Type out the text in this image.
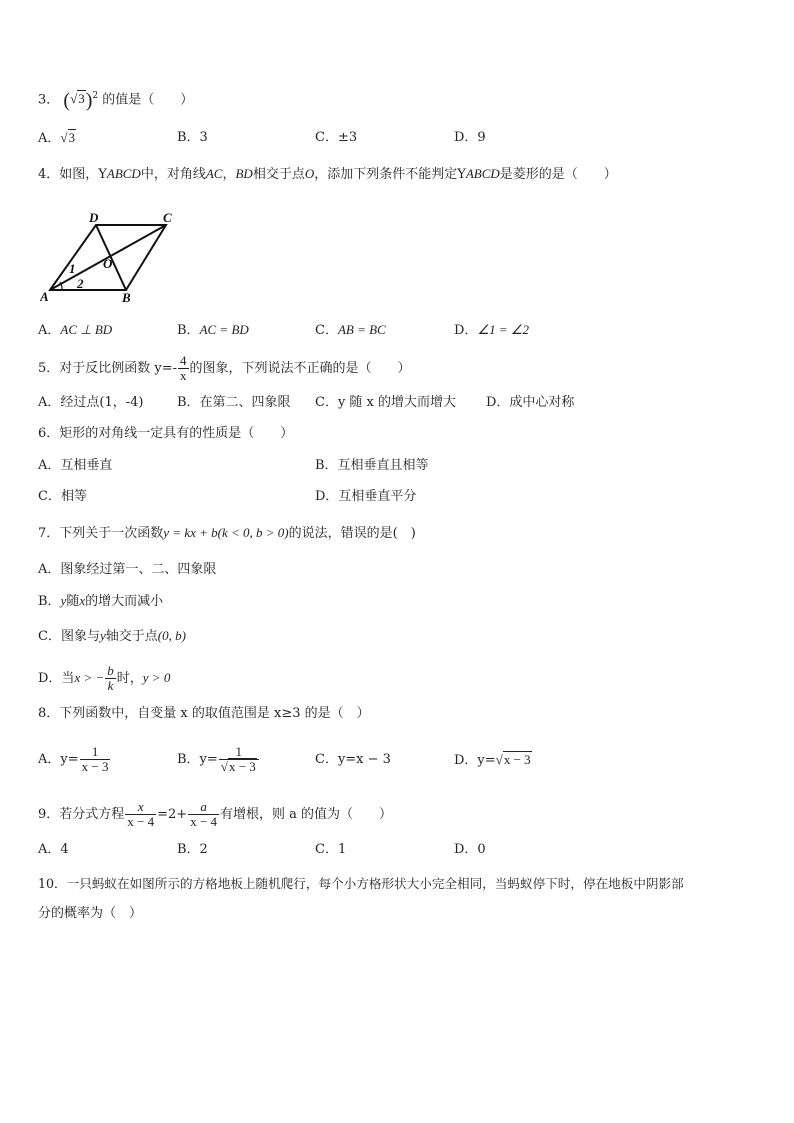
3． $(√3)^2$ 的值是（　　）
A．√3	B．3	C．±3	D．9
4．如图，YABCD中，对角线AC，BD相交于点O，添加下列条件不能判定YABCD是菱形的是（　　）
D	C
A	B
O
1
2
A．AC ⊥ BD	B．AC = BD	C．AB = BC	D．∠1 = ∠2
5．对于反比例函数 $y=- \frac{4}{x}$ 的图象，下列说法不正确的是（　　）
A．经过点(1，-4)	B．在第二、四象限 C．y 随 x 的增大而增大 D．成中心对称
6．矩形的对角线一定具有的性质是（　　）
A．互相垂直	B．互相垂直且相等
C．相等	D．互相垂直平分
7．下列关于一次函数y = kx + b(k < 0, b > 0)的说法，错误的是(　)
A．图象经过第一、二、四象限
B．y随x的增大而减小
C．图象与y轴交于点(0, b)
D．当x > − $\frac{b}{k}$ 时，y > 0
8．下列函数中，自变量 x 的取值范围是 x≥3 的是（　）
A．$y= \frac{1}{x - 3}$	B．$y= \frac{1}{√x - 3}$	C．y=x − 3	D．y=√x − 3
9．若分式方程 $\frac{x}{x - 4} =2+ \frac{a}{x - 4}$ 有增根，则 a 的值为（　　）
A．4	B．2	C．1	D．0
10．一只蚂蚁在如图所示的方格地板上随机爬行，每个小方格形状大小完全相同，当蚂蚁停下时，停在地板中阴影部
分的概率为（　）
